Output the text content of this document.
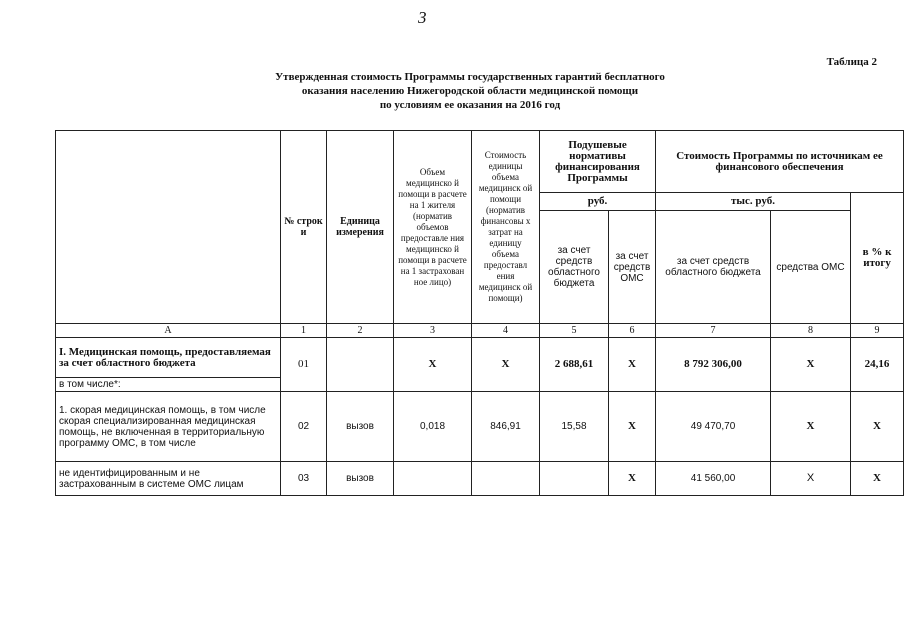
3
Таблица 2
Утвержденная стоимость Программы государственных гарантий бесплатного
оказания населению Нижегородской области медицинской помощи
по условиям ее оказания на 2016 год
	№ строк и	Единица измерения	Объем медицинско й помощи в расчете на 1 жителя (норматив объемов предоставле ния медицинско й помощи в расчете на 1 застрахован ное лицо)	Стоимость единицы объема медицинск ой помощи (норматив финансовы х затрат на единицу объема предоставл ения медицинск ой помощи)	Подушевые нормативы финансирования Программы		Стоимость Программы по источникам ее финансового обеспечения		
					руб.		тыс. руб.		в % к итогу
					за счет средств областного бюджета	за счет средств ОМС	за счет средств областного бюджета	средства ОМС	
А	1	2	3	4	5	6	7	8	9
I. Медицинская помощь, предоставляемая за счет областного бюджета	01		X	X	2 688,61	X	8 792 306,00	X	24,16
в том числе*:									
1. скорая медицинская помощь, в том числе скорая специализированная медицинская помощь, не включенная в территориальную программу ОМС, в том числе	02	вызов	0,018	846,91	15,58	X	49 470,70	X	X
не идентифицированным и не застрахованным в системе ОМС лицам	03	вызов				X	41 560,00	X	X
